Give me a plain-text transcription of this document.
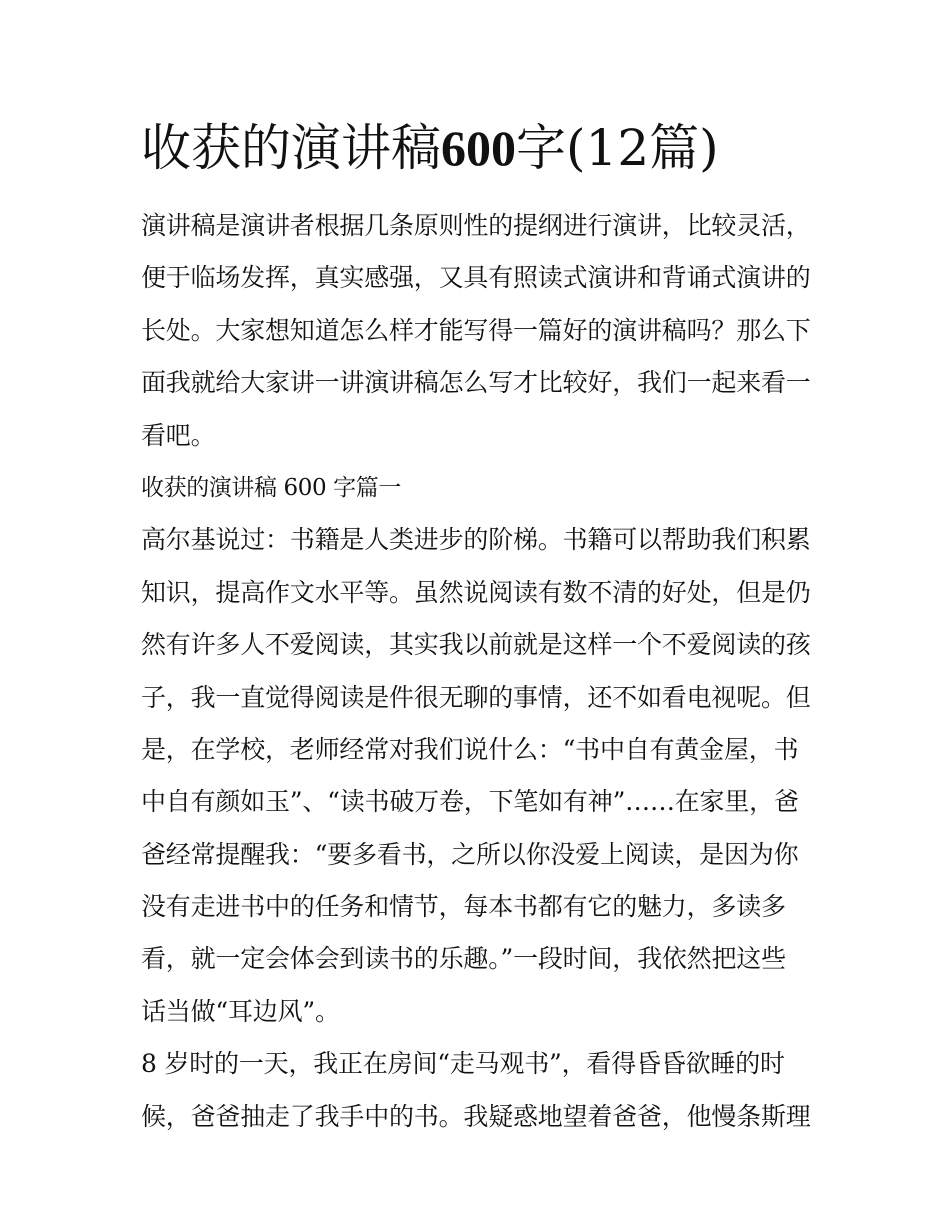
收获的演讲稿600字(12篇)
演讲稿是演讲者根据几条原则性的提纲进行演讲，比较灵活，
便于临场发挥，真实感强，又具有照读式演讲和背诵式演讲的
长处。大家想知道怎么样才能写得一篇好的演讲稿吗？那么下
面我就给大家讲一讲演讲稿怎么写才比较好，我们一起来看一
看吧。
收获的演讲稿 600 字篇一
高尔基说过：书籍是人类进步的阶梯。书籍可以帮助我们积累
知识，提高作文水平等。虽然说阅读有数不清的好处，但是仍
然有许多人不爱阅读，其实我以前就是这样一个不爱阅读的孩
子，我一直觉得阅读是件很无聊的事情，还不如看电视呢。但
是，在学校，老师经常对我们说什么：“书中自有黄金屋，书
中自有颜如玉”、“读书破万卷，下笔如有神”……在家里，爸
爸经常提醒我：“要多看书，之所以你没爱上阅读，是因为你
没有走进书中的任务和情节，每本书都有它的魅力，多读多
看，就一定会体会到读书的乐趣。”一段时间，我依然把这些
话当做“耳边风”。
8 岁时的一天，我正在房间“走马观书”，看得昏昏欲睡的时
候，爸爸抽走了我手中的书。我疑惑地望着爸爸，他慢条斯理
